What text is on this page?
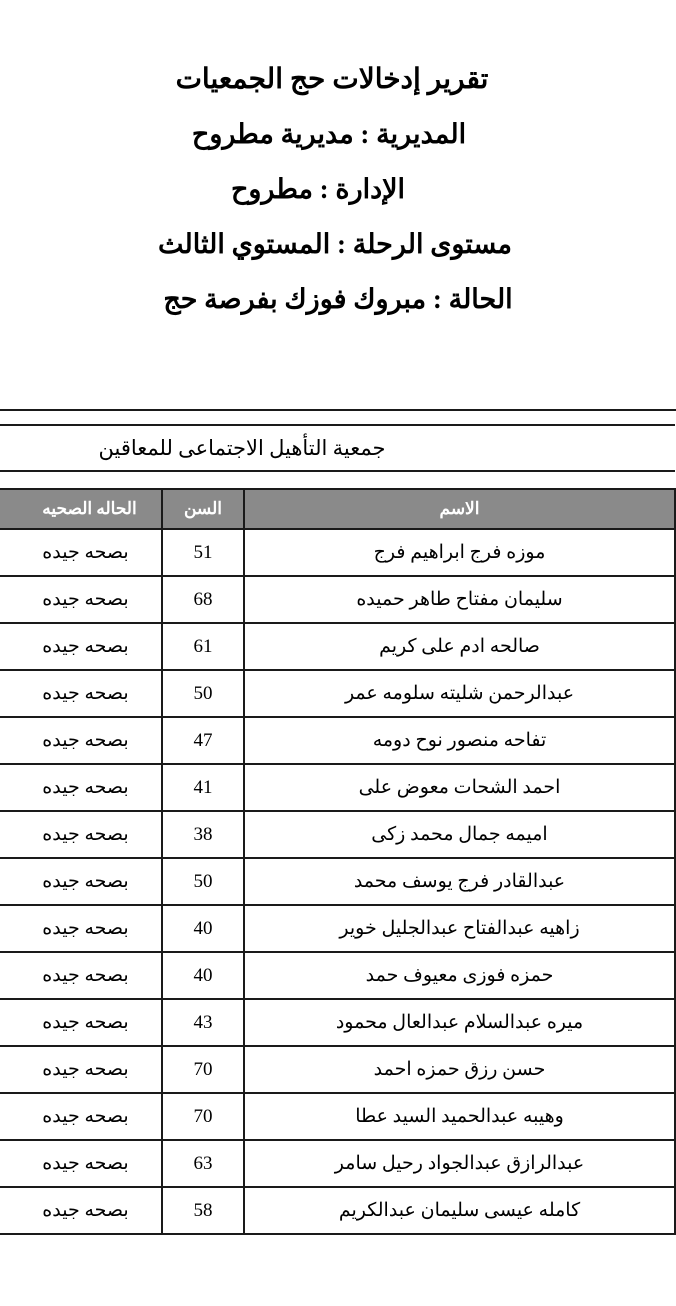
تقرير إدخالات حج الجمعيات
المديرية : مديرية مطروح
الإدارة : مطروح
مستوى الرحلة : المستوي الثالث
الحالة : مبروك فوزك بفرصة حج
جمعية التأهيل الاجتماعى للمعاقين		

الاسم	السن	الحاله الصحيه

موزه فرج ابراهيم فرج	51	بصحه جيده

سليمان مفتاح طاهر حميده	68	بصحه جيده

صالحه ادم على كريم	61	بصحه جيده

عبدالرحمن شليته سلومه عمر	50	بصحه جيده

تفاحه منصور نوح دومه	47	بصحه جيده

احمد الشحات معوض على	41	بصحه جيده

اميمه جمال محمد زكى	38	بصحه جيده

عبدالقادر فرج يوسف محمد	50	بصحه جيده

زاهيه عبدالفتاح عبدالجليل خوير	40	بصحه جيده

حمزه فوزى معيوف حمد	40	بصحه جيده

ميره عبدالسلام عبدالعال محمود	43	بصحه جيده

حسن رزق حمزه احمد	70	بصحه جيده

وهيبه عبدالحميد السيد عطا	70	بصحه جيده

عبدالرازق عبدالجواد رحيل سامر	63	بصحه جيده

كامله عيسى سليمان عبدالكريم	58	بصحه جيده
